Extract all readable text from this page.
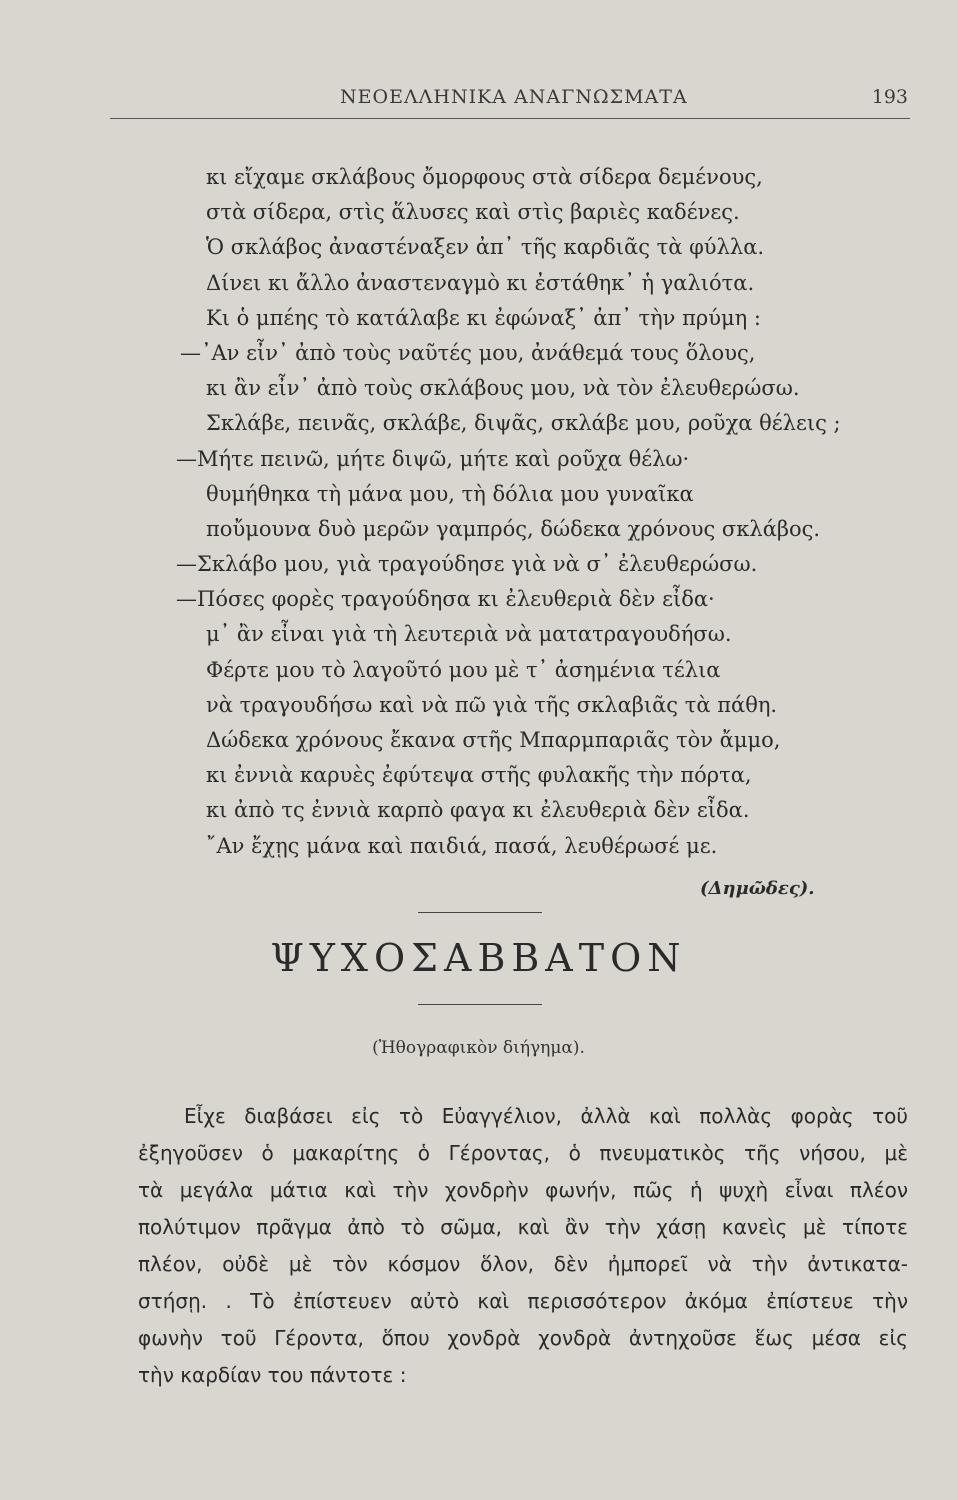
ΝΕΟΕΛΛΗΝΙΚΑ ΑΝΑΓΝΩΣΜΑΤΑ	193
κι εἴχαμε σκλάβους ὄμορφους στὰ σίδερα δεμένους,
στὰ σίδερα, στὶς ἅλυσες καὶ στὶς βαριὲς καδένες.
Ὁ σκλάβος ἀναστέναξεν ἀπ᾽ τῆς καρδιᾶς τὰ φύλλα.
Δίνει κι ἄλλο ἀναστεναγμὸ κι ἐστάθηκ᾽ ἡ γαλιότα.
Κι ὁ μπέης τὸ κατάλαβε κι ἐφώναξ᾽ ἀπ᾽ τὴν πρύμη :
—᾽Αν εἶν᾽ ἀπὸ τοὺς ναῦτές μου, ἀνάθεμά τους ὅλους,
κι ἂν εἶν᾽ ἀπὸ τοὺς σκλάβους μου, νὰ τὸν ἐλευθερώσω.
Σκλάβε, πεινᾶς, σκλάβε, διψᾶς, σκλάβε μου, ροῦχα θέλεις ;
—Μήτε πεινῶ, μήτε διψῶ, μήτε καὶ ροῦχα θέλω·
θυμήθηκα τὴ μάνα μου, τὴ δόλια μου γυναῖκα
ποὔμουνα δυὸ μερῶν γαμπρός, δώδεκα χρόνους σκλάβος.
—Σκλάβο μου, γιὰ τραγούδησε γιὰ νὰ σ᾽ ἐλευθερώσω.
—Πόσες φορὲς τραγούδησα κι ἐλευθεριὰ δὲν εἶδα·
μ᾽ ἂν εἶναι γιὰ τὴ λευτεριὰ νὰ ματατραγουδήσω.
Φέρτε μου τὸ λαγοῦτό μου μὲ τ᾽ ἀσημένια τέλια
νὰ τραγουδήσω καὶ νὰ πῶ γιὰ τῆς σκλαβιᾶς τὰ πάθη.
Δώδεκα χρόνους ἔκανα στῆς Μπαρμπαριᾶς τὸν ἄμμο,
κι ἐννιὰ καρυὲς ἐφύτεψα στῆς φυλακῆς τὴν πόρτα,
κι ἀπὸ τς ἐννιὰ καρπὸ φαγα κι ἐλευθεριὰ δὲν εἶδα.
῎Αν ἔχῃς μάνα καὶ παιδιά, πασά, λευθέρωσέ με.
(Δημῶδες).
ΨΥΧΟΣΑΒΒΑΤΟΝ
(Ἠθογραφικὸν διήγημα).
Εἶχε διαβάσει εἰς τὸ Εὐαγγέλιον, ἀλλὰ καὶ πολλὰς φορὰς τοῦ
ἐξηγοῦσεν ὁ μακαρίτης ὁ Γέροντας, ὁ πνευματικὸς τῆς νήσου, μὲ
τὰ μεγάλα μάτια καὶ τὴν χονδρὴν φωνήν, πῶς ἡ ψυχὴ εἶναι πλέον
πολύτιμον πρᾶγμα ἀπὸ τὸ σῶμα, καὶ ἂν τὴν χάσῃ κανεὶς μὲ τίποτε
πλέον, οὐδὲ μὲ τὸν κόσμον ὅλον, δὲν ἠμπορεῖ νὰ τὴν ἀντικατα-
στήσῃ. . Τὸ ἐπίστευεν αὐτὸ καὶ περισσότερον ἀκόμα ἐπίστευε τὴν
φωνὴν τοῦ Γέροντα, ὅπου χονδρὰ χονδρὰ ἀντηχοῦσε ἕως μέσα εἰς
τὴν καρδίαν του πάντοτε :
